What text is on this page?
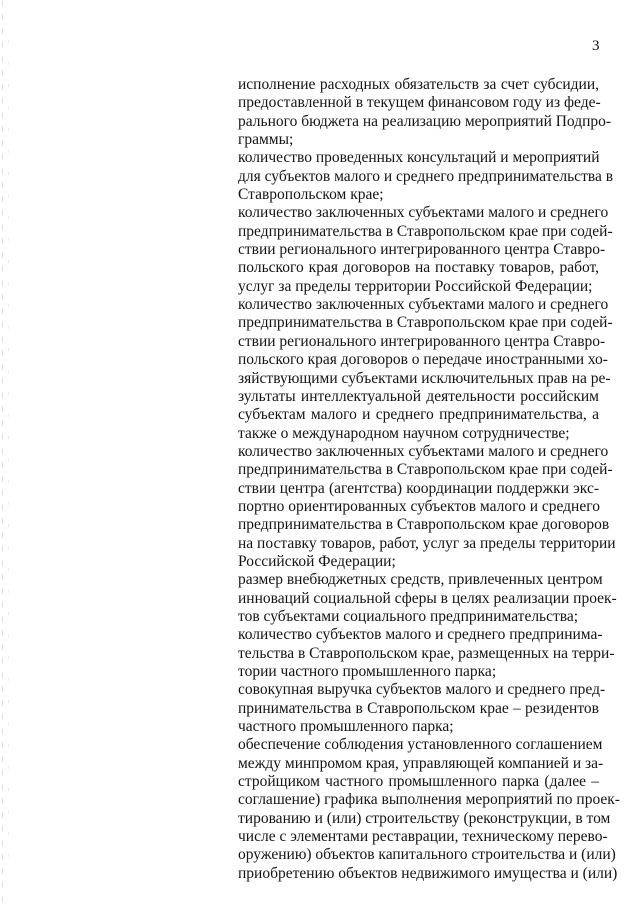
3
исполнение расходных обязательств за счет субсидии,
предоставленной в текущем финансовом году из феде-
рального бюджета на реализацию мероприятий Подпро-
граммы;
количество проведенных консультаций и мероприятий
для субъектов малого и среднего предпринимательства в
Ставропольском крае;
количество заключенных субъектами малого и среднего
предпринимательства в Ставропольском крае при содей-
ствии регионального интегрированного центра Ставро-
польского края договоров на поставку товаров, работ,
услуг за пределы территории Российской Федерации;
количество заключенных субъектами малого и среднего
предпринимательства в Ставропольском крае при содей-
ствии регионального интегрированного центра Ставро-
польского края договоров о передаче иностранными хо-
зяйствующими субъектами исключительных прав на ре-
зультаты интеллектуальной деятельности российским
субъектам малого и среднего предпринимательства, а
также о международном научном сотрудничестве;
количество заключенных субъектами малого и среднего
предпринимательства в Ставропольском крае при содей-
ствии центра (агентства) координации поддержки экс-
портно ориентированных субъектов малого и среднего
предпринимательства в Ставропольском крае договоров
на поставку товаров, работ, услуг за пределы территории
Российской Федерации;
размер внебюджетных средств, привлеченных центром
инноваций социальной сферы в целях реализации проек-
тов субъектами социального предпринимательства;
количество субъектов малого и среднего предпринима-
тельства в Ставропольском крае, размещенных на терри-
тории частного промышленного парка;
совокупная выручка субъектов малого и среднего пред-
принимательства в Ставропольском крае – резидентов
частного промышленного парка;
обеспечение соблюдения установленного соглашением
между минпромом края, управляющей компанией и за-
стройщиком частного промышленного парка (далее –
соглашение) графика выполнения мероприятий по проек-
тированию и (или) строительству (реконструкции, в том
числе с элементами реставрации, техническому перево-
оружению) объектов капитального строительства и (или)
приобретению объектов недвижимого имущества и (или)
